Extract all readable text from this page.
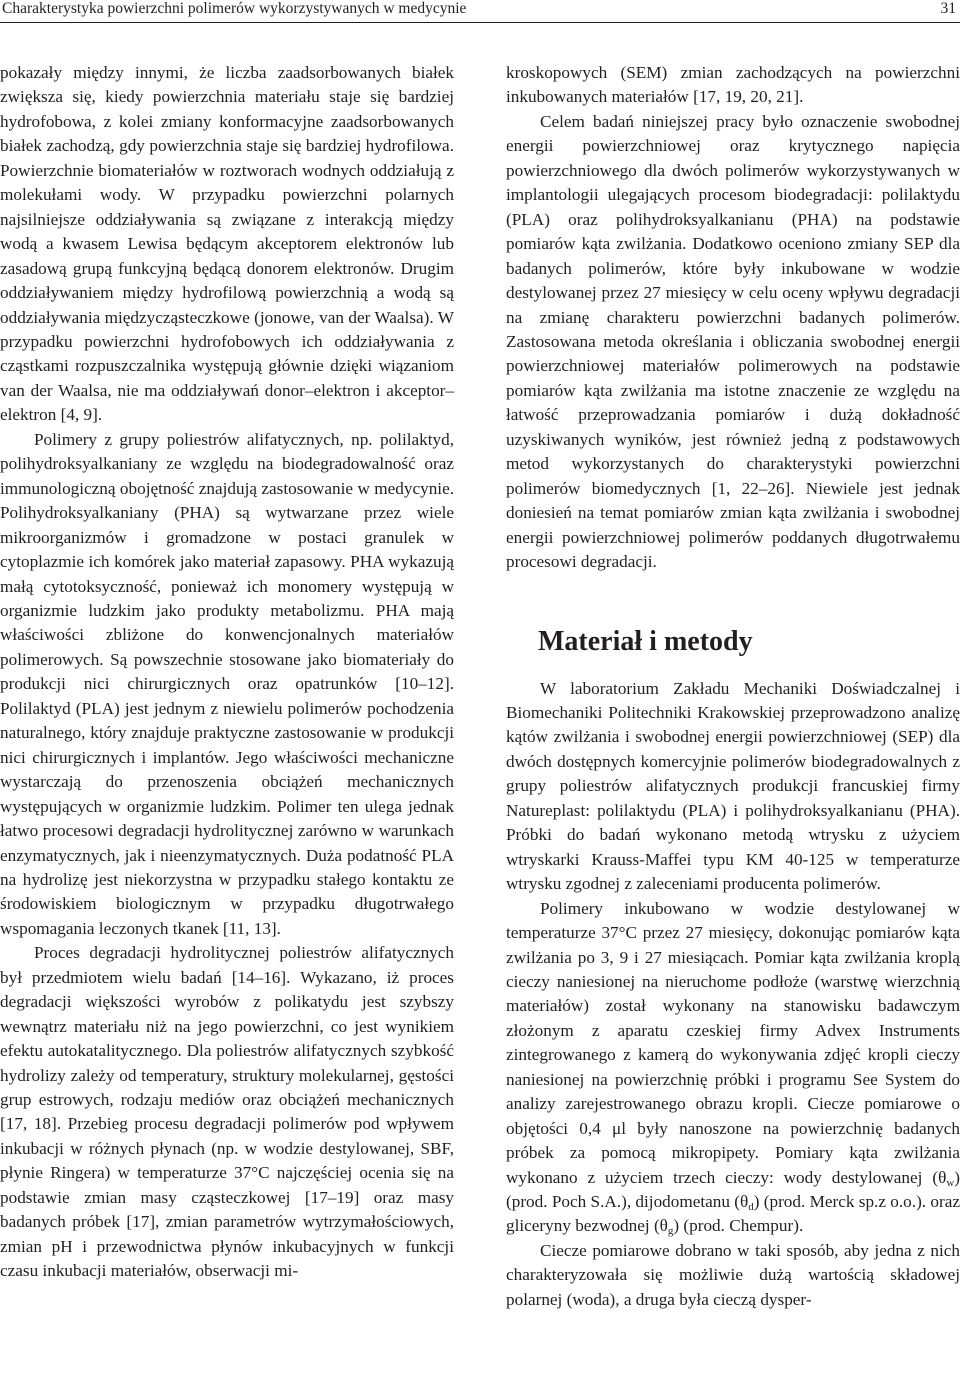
Charakterystyka powierzchni polimerów wykorzystywanych w medycynie	31

pokazały między innymi, że liczba zaadsorbowanych białek zwiększa się, kiedy powierzchnia materiału staje się bardziej hydrofobowa, z kolei zmiany konformacyjne zaadsorbowanych białek zachodzą, gdy powierzchnia staje się bardziej hydrofilowa. Powierzchnie biomateriałów w roztworach wodnych oddziałują z molekułami wody. W przypadku powierzchni polarnych najsilniejsze oddziaływania są związane z interakcją między wodą a kwasem Lewisa będącym akceptorem elektronów lub zasadową grupą funkcyjną będącą donorem elektronów. Drugim oddziaływaniem między hydrofilową powierzchnią a wodą są oddziaływania międzycząsteczkowe (jonowe, van der Waalsa). W przypadku powierzchni hydrofobowych ich oddziaływania z cząstkami rozpuszczalnika występują głównie dzięki wiązaniom van der Waalsa, nie ma oddziaływań donor–elektron i akceptor–elektron [4, 9].

Polimery z grupy poliestrów alifatycznych, np. polilaktyd, polihydroksyalkaniany ze względu na biodegradowalność oraz immunologiczną obojętność znajdują zastosowanie w medycynie. Polihydroksyalkaniany (PHA) są wytwarzane przez wiele mikroorganizmów i gromadzone w postaci granulek w cytoplazmie ich komórek jako materiał zapasowy. PHA wykazują małą cytotoksyczność, ponieważ ich monomery występują w organizmie ludzkim jako produkty metabolizmu. PHA mają właściwości zbliżone do konwencjonalnych materiałów polimerowych. Są powszechnie stosowane jako biomateriały do produkcji nici chirurgicznych oraz opatrunków [10–12]. Polilaktyd (PLA) jest jednym z niewielu polimerów pochodzenia naturalnego, który znajduje praktyczne zastosowanie w produkcji nici chirurgicznych i implantów. Jego właściwości mechaniczne wystarczają do przenoszenia obciążeń mechanicznych występujących w organizmie ludzkim. Polimer ten ulega jednak łatwo procesowi degradacji hydrolitycznej zarówno w warunkach enzymatycznych, jak i nieenzymatycznych. Duża podatność PLA na hydrolizę jest niekorzystna w przypadku stałego kontaktu ze środowiskiem biologicznym w przypadku długotrwałego wspomagania leczonych tkanek [11, 13].

Proces degradacji hydrolitycznej poliestrów alifatycznych był przedmiotem wielu badań [14–16]. Wykazano, iż proces degradacji większości wyrobów z polikatydu jest szybszy wewnątrz materiału niż na jego powierzchni, co jest wynikiem efektu autokatalitycznego. Dla poliestrów alifatycznych szybkość hydrolizy zależy od temperatury, struktury molekularnej, gęstości grup estrowych, rodzaju mediów oraz obciążeń mechanicznych [17, 18]. Przebieg procesu degradacji polimerów pod wpływem inkubacji w różnych płynach (np. w wodzie destylowanej, SBF, płynie Ringera) w temperaturze 37°C najczęściej ocenia się na podstawie zmian masy cząsteczkowej [17–19] oraz masy badanych próbek [17], zmian parametrów wytrzymałościowych, zmian pH i przewodnictwa płynów inkubacyjnych w funkcji czasu inkubacji materiałów, obserwacji mi-

kroskopowych (SEM) zmian zachodzących na powierzchni inkubowanych materiałów [17, 19, 20, 21].

Celem badań niniejszej pracy było oznaczenie swobodnej energii powierzchniowej oraz krytycznego napięcia powierzchniowego dla dwóch polimerów wykorzystywanych w implantologii ulegających procesom biodegradacji: polilaktydu (PLA) oraz polihydroksyalkanianu (PHA) na podstawie pomiarów kąta zwilżania. Dodatkowo oceniono zmiany SEP dla badanych polimerów, które były inkubowane w wodzie destylowanej przez 27 miesięcy w celu oceny wpływu degradacji na zmianę charakteru powierzchni badanych polimerów. Zastosowana metoda określania i obliczania swobodnej energii powierzchniowej materiałów polimerowych na podstawie pomiarów kąta zwilżania ma istotne znaczenie ze względu na łatwość przeprowadzania pomiarów i dużą dokładność uzyskiwanych wyników, jest również jedną z podstawowych metod wykorzystanych do charakterystyki powierzchni polimerów biomedycznych [1, 22–26]. Niewiele jest jednak doniesień na temat pomiarów zmian kąta zwilżania i swobodnej energii powierzchniowej polimerów poddanych długotrwałemu procesowi degradacji.

Materiał i metody

W laboratorium Zakładu Mechaniki Doświadczalnej i Biomechaniki Politechniki Krakowskiej przeprowadzono analizę kątów zwilżania i swobodnej energii powierzchniowej (SEP) dla dwóch dostępnych komercyjnie polimerów biodegradowalnych z grupy poliestrów alifatycznych produkcji francuskiej firmy Natureplast: polilaktydu (PLA) i polihydroksyalkanianu (PHA). Próbki do badań wykonano metodą wtrysku z użyciem wtryskarki Krauss-Maffei typu KM 40-125 w temperaturze wtrysku zgodnej z zaleceniami producenta polimerów.

Polimery inkubowano w wodzie destylowanej w temperaturze 37°C przez 27 miesięcy, dokonując pomiarów kąta zwilżania po 3, 9 i 27 miesiącach. Pomiar kąta zwilżania kroplą cieczy naniesionej na nieruchome podłoże (warstwę wierzchnią materiałów) został wykonany na stanowisku badawczym złożonym z aparatu czeskiej firmy Advex Instruments zintegrowanego z kamerą do wykonywania zdjęć kropli cieczy naniesionej na powierzchnię próbki i programu See System do analizy zarejestrowanego obrazu kropli. Ciecze pomiarowe o objętości 0,4 μl były nanoszone na powierzchnię badanych próbek za pomocą mikropipety. Pomiary kąta zwilżania wykonano z użyciem trzech cieczy: wody destylowanej $(\theta_w)$ (prod. Poch S.A.), dijodometanu $(\theta_d)$ (prod. Merck sp.z o.o.). oraz gliceryny bezwodnej $(\theta_g)$ (prod. Chempur).

Ciecze pomiarowe dobrano w taki sposób, aby jedna z nich charakteryzowała się możliwie dużą wartością składowej polarnej (woda), a druga była cieczą dysper-
